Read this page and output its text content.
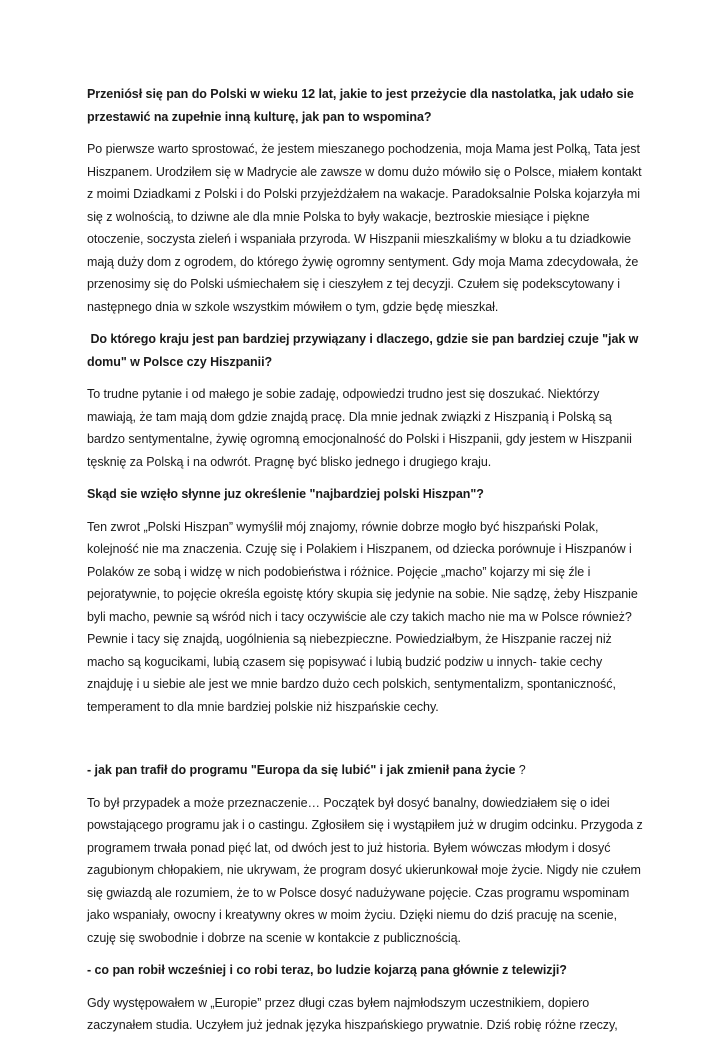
Przeniósł się pan do Polski w wieku 12 lat, jakie to jest przeżycie dla nastolatka, jak udało sie przestawić na zupełnie inną kulturę, jak pan to wspomina?

Po pierwsze warto sprostować, że jestem mieszanego pochodzenia, moja Mama jest Polką, Tata jest Hiszpanem. Urodziłem się w Madrycie ale zawsze w domu dużo mówiło się o Polsce, miałem kontakt z moimi Dziadkami z Polski i do Polski przyjeżdżałem na wakacje. Paradoksalnie Polska kojarzyła mi się z wolnością, to dziwne ale dla mnie Polska to były wakacje, beztroskie miesiące i piękne otoczenie, soczysta zieleń i wspaniała przyroda. W Hiszpanii mieszkaliśmy w bloku a tu dziadkowie mają duży dom z ogrodem, do którego żywię ogromny sentyment. Gdy moja Mama zdecydowała, że przenosimy się do Polski uśmiechałem się i cieszyłem z tej decyzji. Czułem się podekscytowany i następnego dnia w szkole wszystkim mówiłem o tym, gdzie będę mieszkał.

Do którego kraju jest pan bardziej przywiązany i dlaczego, gdzie sie pan bardziej czuje "jak w domu" w Polsce czy Hiszpanii?

To trudne pytanie i od małego je sobie zadaję, odpowiedzi trudno jest się doszukać. Niektórzy mawiają, że tam mają dom gdzie znajdą pracę. Dla mnie jednak związki z Hiszpanią i Polską są bardzo sentymentalne, żywię ogromną emocjonalność do Polski i Hiszpanii, gdy jestem w Hiszpanii tęsknię za Polską i na odwrót. Pragnę być blisko jednego i drugiego kraju.

Skąd sie wzięło słynne juz określenie "najbardziej polski Hiszpan"?

Ten zwrot „Polski Hiszpan” wymyślił mój znajomy, równie dobrze mogło być hiszpański Polak, kolejność nie ma znaczenia. Czuję się i Polakiem i Hiszpanem, od dziecka porównuje i Hiszpanów i Polaków ze sobą i widzę w nich podobieństwa i różnice. Pojęcie „macho” kojarzy mi się źle i pejoratywnie, to pojęcie określa egoistę który skupia się jedynie na sobie. Nie sądzę, żeby Hiszpanie byli macho, pewnie są wśród nich i tacy oczywiście ale czy takich macho nie ma w Polsce również? Pewnie i tacy się znajdą, uogólnienia są niebezpieczne. Powiedziałbym, że Hiszpanie raczej niż macho są kogucikami, lubią czasem się popisywać i lubią budzić podziw u innych- takie cechy znajduję i u siebie ale jest we mnie bardzo dużo cech polskich, sentymentalizm, spontaniczność, temperament to dla mnie bardziej polskie niż hiszpańskie cechy.

- jak pan trafił do programu "Europa da się lubić" i jak zmienił pana życie ?

To był przypadek a może przeznaczenie… Początek był dosyć banalny, dowiedziałem się o idei powstającego programu jak i o castingu. Zgłosiłem się i wystąpiłem już w drugim odcinku. Przygoda z programem trwała ponad pięć lat, od dwóch jest to już historia. Byłem wówczas młodym i dosyć zagubionym chłopakiem, nie ukrywam, że program dosyć ukierunkował moje życie. Nigdy nie czułem się gwiazdą ale rozumiem, że to w Polsce dosyć nadużywane pojęcie. Czas programu wspominam jako wspaniały, owocny i kreatywny okres w moim życiu. Dzięki niemu do dziś pracuję na scenie, czuję się swobodnie i dobrze na scenie w kontakcie z publicznością.

- co pan robił wcześniej i co robi teraz, bo ludzie kojarzą pana głównie z telewizji?

Gdy występowałem w „Europie” przez długi czas byłem najmłodszym uczestnikiem, dopiero zaczynałem studia. Uczyłem już jednak języka hiszpańskiego prywatnie. Dziś robię różne rzeczy,
